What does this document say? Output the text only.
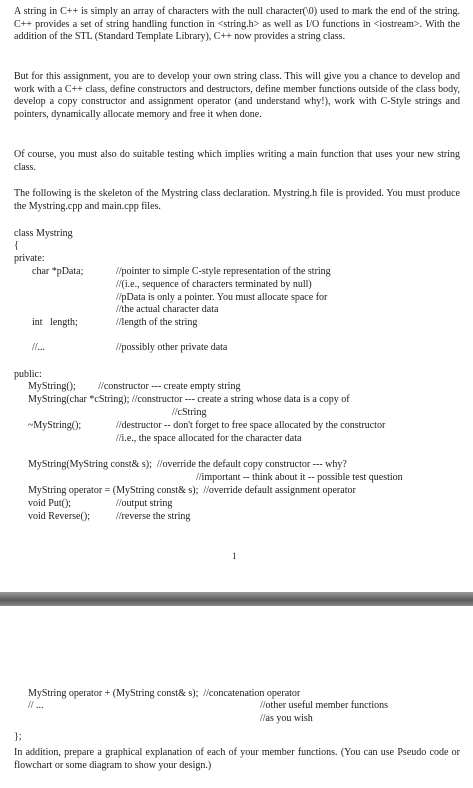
A string in C++ is simply an array of characters with the null character(\0) used to mark the end of the string. C++ provides a set of string handling function in <string.h> as well as I/O functions in <iostream>. With the addition of the STL (Standard Template Library), C++ now provides a string class.

But for this assignment, you are to develop your own string class. This will give you a chance to develop and work with a C++ class, define constructors and destructors, define member functions outside of the class body, develop a copy constructor and assignment operator (and understand why!), work with C-Style strings and pointers, dynamically allocate memory and free it when done.

Of course, you must also do suitable testing which implies writing a main function that uses your new string class.

The following is the skeleton of the Mystring class declaration. Mystring.h file is provided. You must produce the Mystring.cpp and main.cpp files.

class Mystring
{
private:
char *pData;	//pointer to simple C-style representation of the string
//(i.e., sequence of characters terminated by null)
//pData is only a pointer. You must allocate space for
//the actual character data
int   length;	//length of the string
//...	//possibly other private data
public:
MyString();         //constructor --- create empty string
MyString(char *cString); //constructor --- create a string whose data is a copy of
//cString
~MyString();	//destructor -- don't forget to free space allocated by the constructor
//i.e., the space allocated for the character data
MyString(MyString const& s);  //override the default copy constructor --- why?
//important -- think about it -- possible test question
MyString operator = (MyString const& s);  //override default assignment operator
void Put();	//output string
void Reverse();	//reverse the string
1
MyString operator + (MyString const& s);  //concatenation operator
// ...	//other useful member functions
//as you wish
};

In addition, prepare a graphical explanation of each of your member functions. (You can use Pseudo code or flowchart or some diagram to show your design.)
